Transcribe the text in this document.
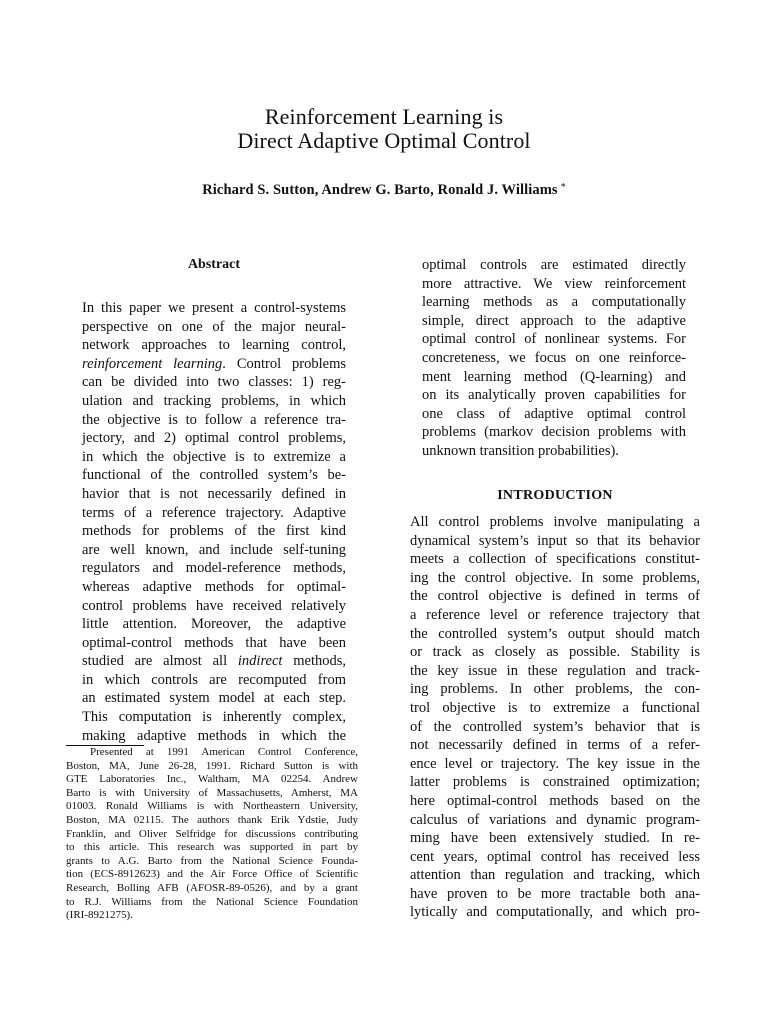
Reinforcement Learning is
Direct Adaptive Optimal Control
Richard S. Sutton, Andrew G. Barto, Ronald J. Williams *
Abstract
In this paper we present a control-systems
perspective on one of the major neural-
network approaches to learning control,
reinforcement learning. Control problems
can be divided into two classes: 1) reg-
ulation and tracking problems, in which
the objective is to follow a reference tra-
jectory, and 2) optimal control problems,
in which the objective is to extremize a
functional of the controlled system’s be-
havior that is not necessarily defined in
terms of a reference trajectory. Adaptive
methods for problems of the first kind
are well known, and include self-tuning
regulators and model-reference methods,
whereas adaptive methods for optimal-
control problems have received relatively
little attention. Moreover, the adaptive
optimal-control methods that have been
studied are almost all indirect methods,
in which controls are recomputed from
an estimated system model at each step.
This computation is inherently complex,
making adaptive methods in which the
Presented at 1991 American Control Conference,
Boston, MA, June 26-28, 1991. Richard Sutton is with
GTE Laboratories Inc., Waltham, MA 02254. Andrew
Barto is with University of Massachusetts, Amherst, MA
01003. Ronald Williams is with Northeastern University,
Boston, MA 02115. The authors thank Erik Ydstie, Judy
Franklin, and Oliver Selfridge for discussions contributing
to this article. This research was supported in part by
grants to A.G. Barto from the National Science Founda-
tion (ECS-8912623) and the Air Force Office of Scientific
Research, Bolling AFB (AFOSR-89-0526), and by a grant
to R.J. Williams from the National Science Foundation
(IRI-8921275).
optimal controls are estimated directly
more attractive. We view reinforcement
learning methods as a computationally
simple, direct approach to the adaptive
optimal control of nonlinear systems. For
concreteness, we focus on one reinforce-
ment learning method (Q-learning) and
on its analytically proven capabilities for
one class of adaptive optimal control
problems (markov decision problems with
unknown transition probabilities).
INTRODUCTION
All control problems involve manipulating a
dynamical system’s input so that its behavior
meets a collection of specifications constitut-
ing the control objective. In some problems,
the control objective is defined in terms of
a reference level or reference trajectory that
the controlled system’s output should match
or track as closely as possible. Stability is
the key issue in these regulation and track-
ing problems. In other problems, the con-
trol objective is to extremize a functional
of the controlled system’s behavior that is
not necessarily defined in terms of a refer-
ence level or trajectory. The key issue in the
latter problems is constrained optimization;
here optimal-control methods based on the
calculus of variations and dynamic program-
ming have been extensively studied. In re-
cent years, optimal control has received less
attention than regulation and tracking, which
have proven to be more tractable both ana-
lytically and computationally, and which pro-
